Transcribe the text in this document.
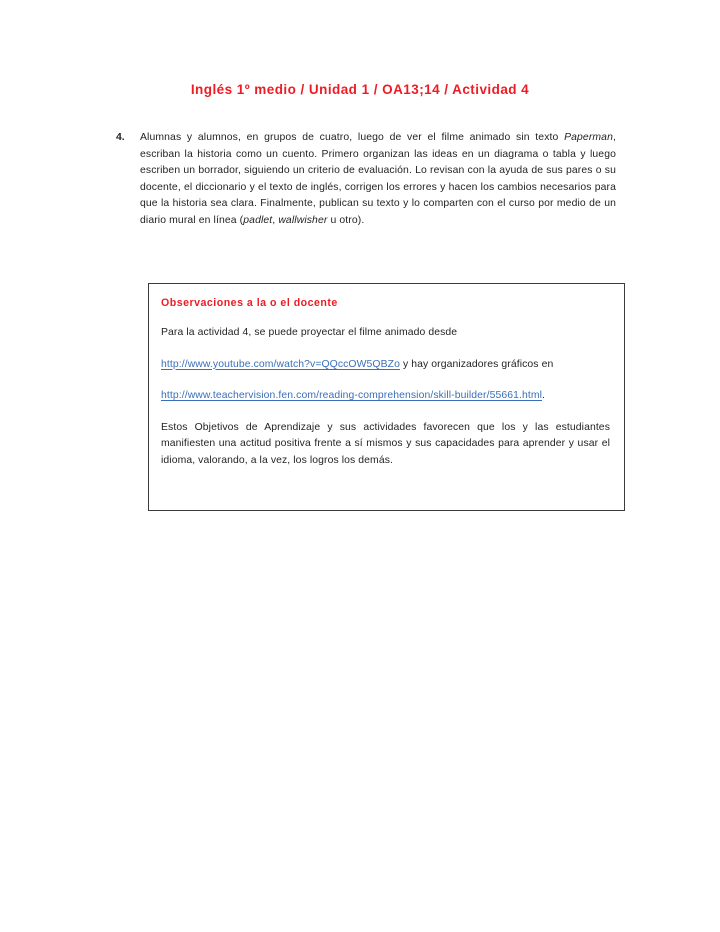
Inglés 1º medio / Unidad 1 / OA13;14 / Actividad 4
4.	Alumnas y alumnos, en grupos de cuatro, luego de ver el filme animado sin texto Paperman, escriban la historia como un cuento. Primero organizan las ideas en un diagrama o tabla y luego escriben un borrador, siguiendo un criterio de evaluación. Lo revisan con la ayuda de sus pares o su docente, el diccionario y el texto de inglés, corrigen los errores y hacen los cambios necesarios para que la historia sea clara. Finalmente, publican su texto y lo comparten con el curso por medio de un diario mural en línea (padlet, wallwisher u otro).
Observaciones a la o el docente

Para la actividad 4, se puede proyectar el filme animado desde

http://www.youtube.com/watch?v=QQccOW5QBZo y hay organizadores gráficos en

http://www.teachervision.fen.com/reading-comprehension/skill-builder/55661.html.

Estos Objetivos de Aprendizaje y sus actividades favorecen que los y las estudiantes manifiesten una actitud positiva frente a sí mismos y sus capacidades para aprender y usar el idioma, valorando, a la vez, los logros los demás.
